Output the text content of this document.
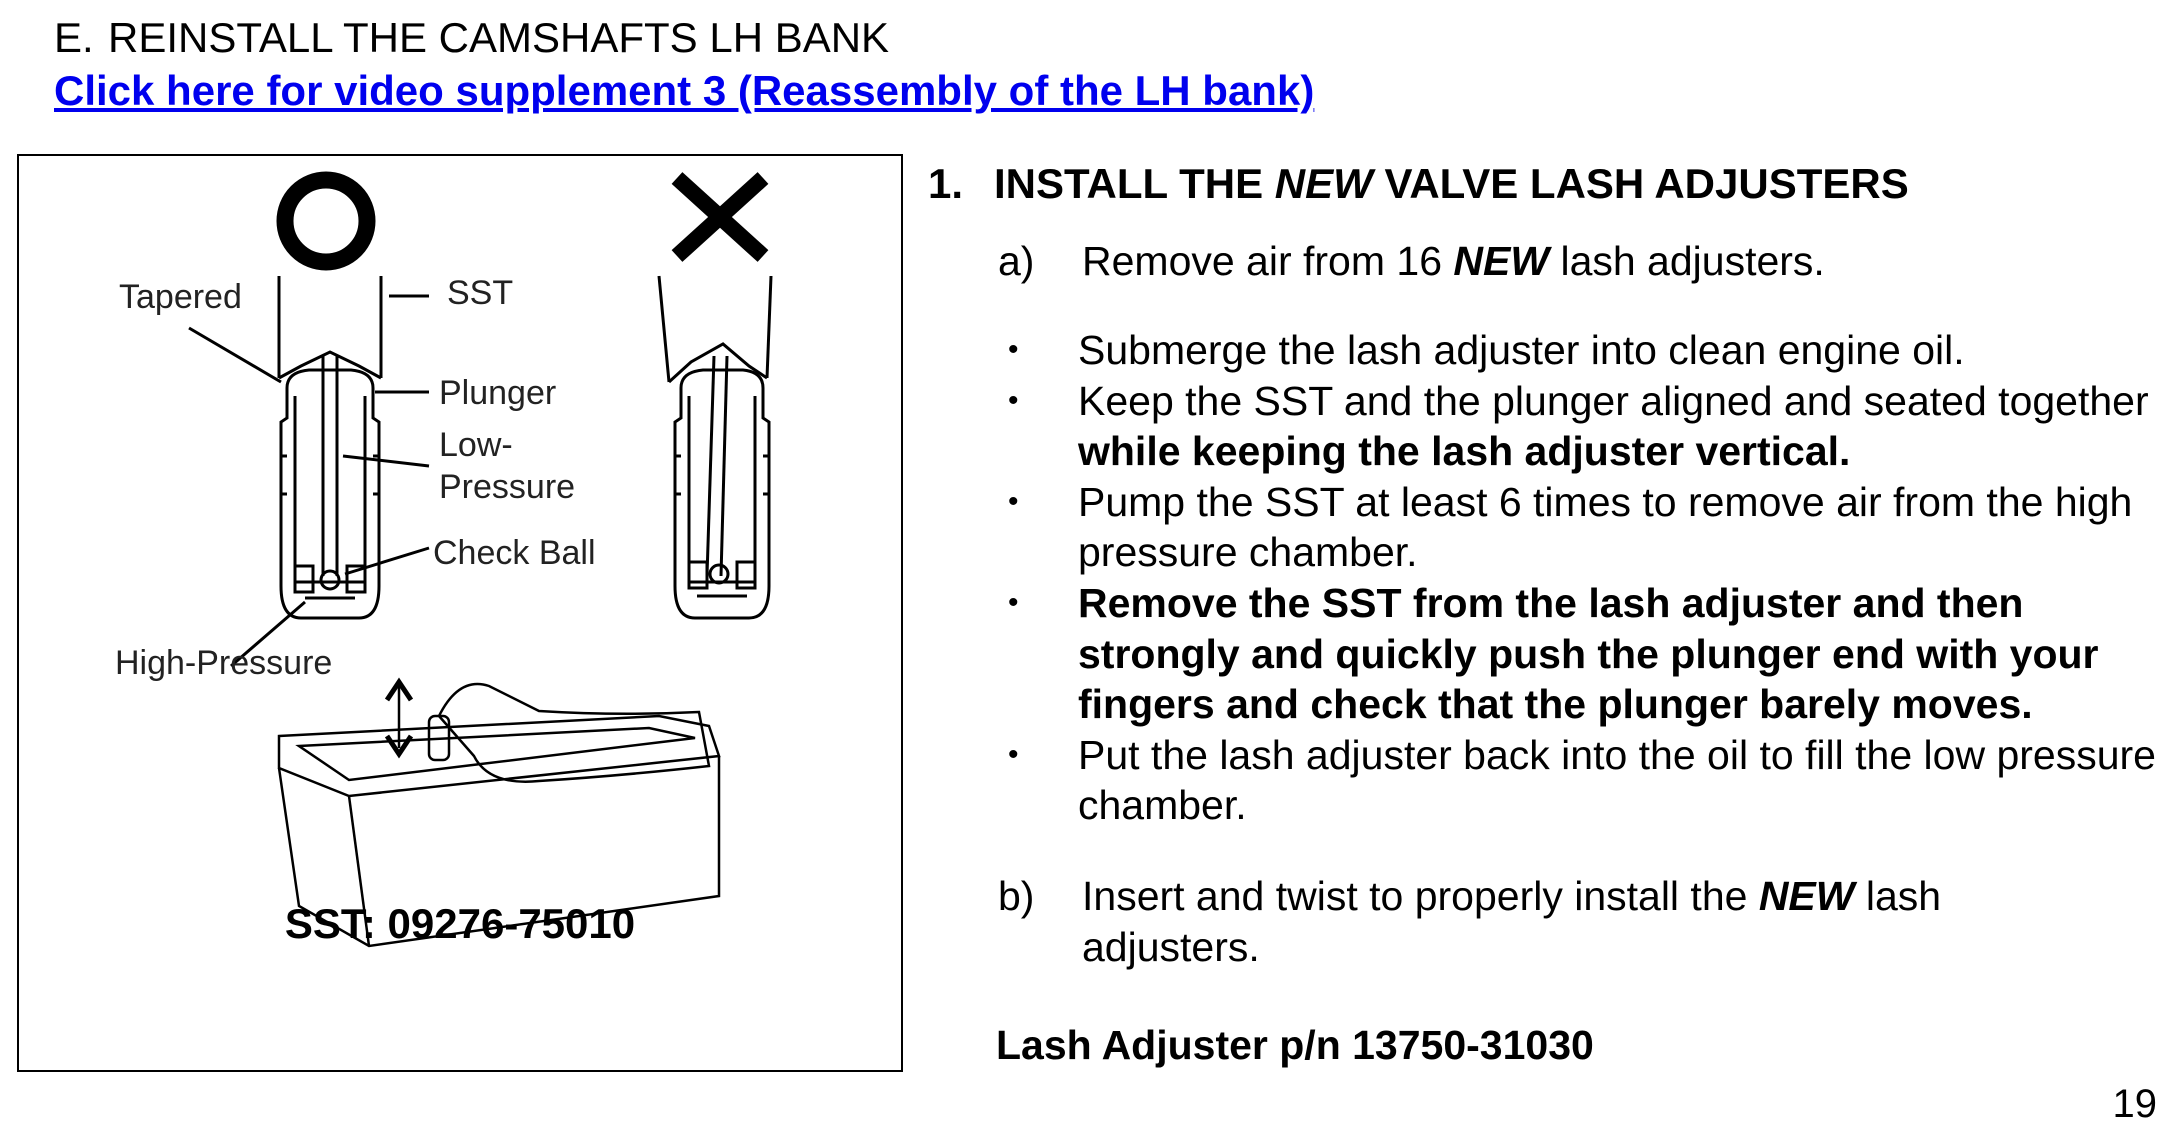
E. REINSTALL THE CAMSHAFTS LH BANK
Click here for video supplement 3 (Reassembly of the LH bank)
Tapered	SST
Plunger
Low-
Pressure
Check Ball
High-Pressure
SST: 09276-75010
1. INSTALL THE NEW VALVE LASH ADJUSTERS
a) Remove air from 16 NEW lash adjusters.
• Submerge the lash adjuster into clean engine oil.
• Keep the SST and the plunger aligned and seated together while keeping the lash adjuster vertical.
• Pump the SST at least 6 times to remove air from the high pressure chamber.
• Remove the SST from the lash adjuster and then strongly and quickly push the plunger end with your fingers and check that the plunger barely moves.
• Put the lash adjuster back into the oil to fill the low pressure chamber.
b) Insert and twist to properly install the NEW lash adjusters.
Lash Adjuster p/n 13750-31030
19
